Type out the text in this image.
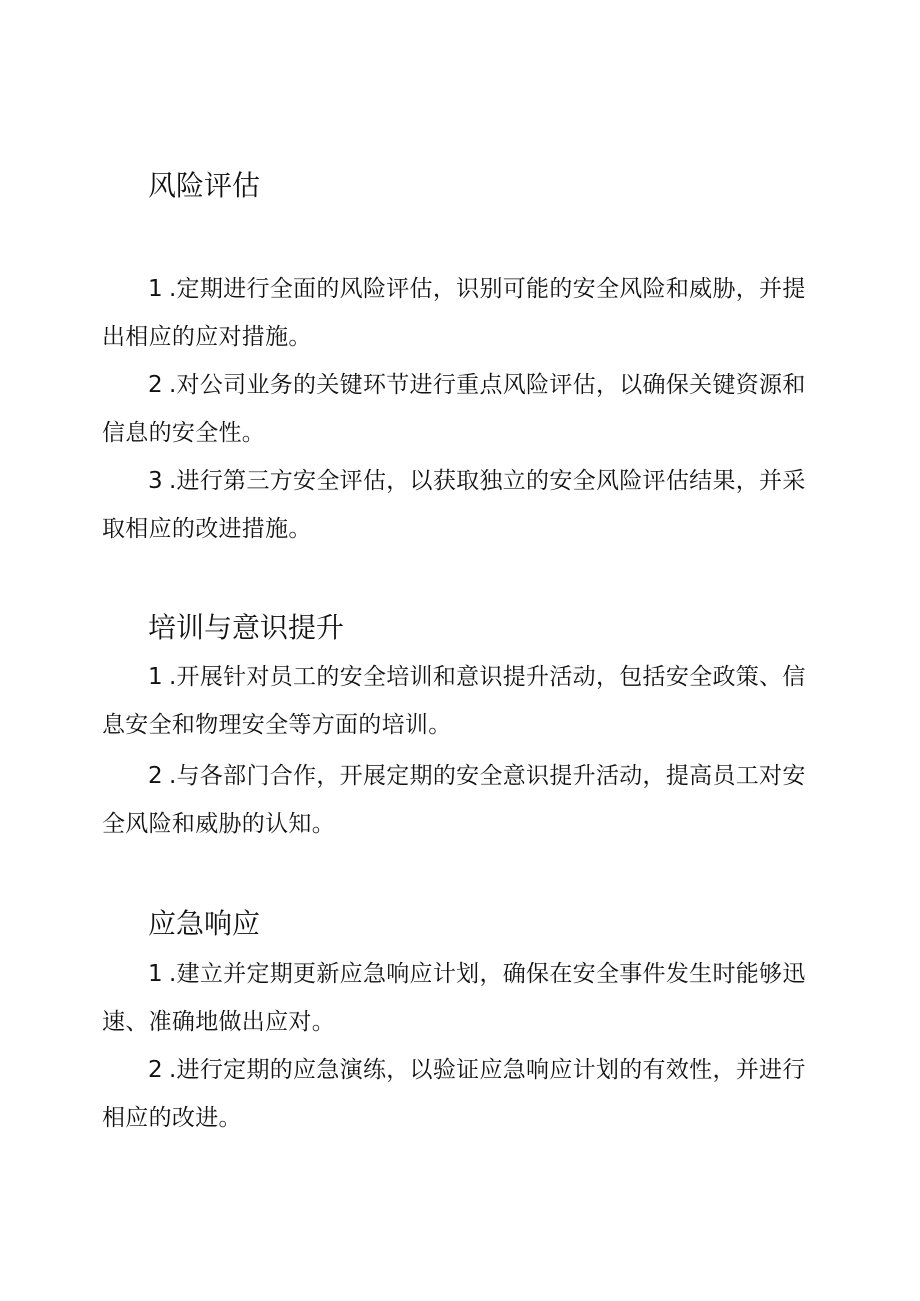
风险评估

1 .定期进行全面的风险评估，识别可能的安全风险和威胁，并提出相应的应对措施。

2 .对公司业务的关键环节进行重点风险评估，以确保关键资源和信息的安全性。

3 .进行第三方安全评估，以获取独立的安全风险评估结果，并采取相应的改进措施。

培训与意识提升

1 .开展针对员工的安全培训和意识提升活动，包括安全政策、信息安全和物理安全等方面的培训。

2 .与各部门合作，开展定期的安全意识提升活动，提高员工对安全风险和威胁的认知。

应急响应

1 .建立并定期更新应急响应计划，确保在安全事件发生时能够迅速、准确地做出应对。

2 .进行定期的应急演练，以验证应急响应计划的有效性，并进行相应的改进。
